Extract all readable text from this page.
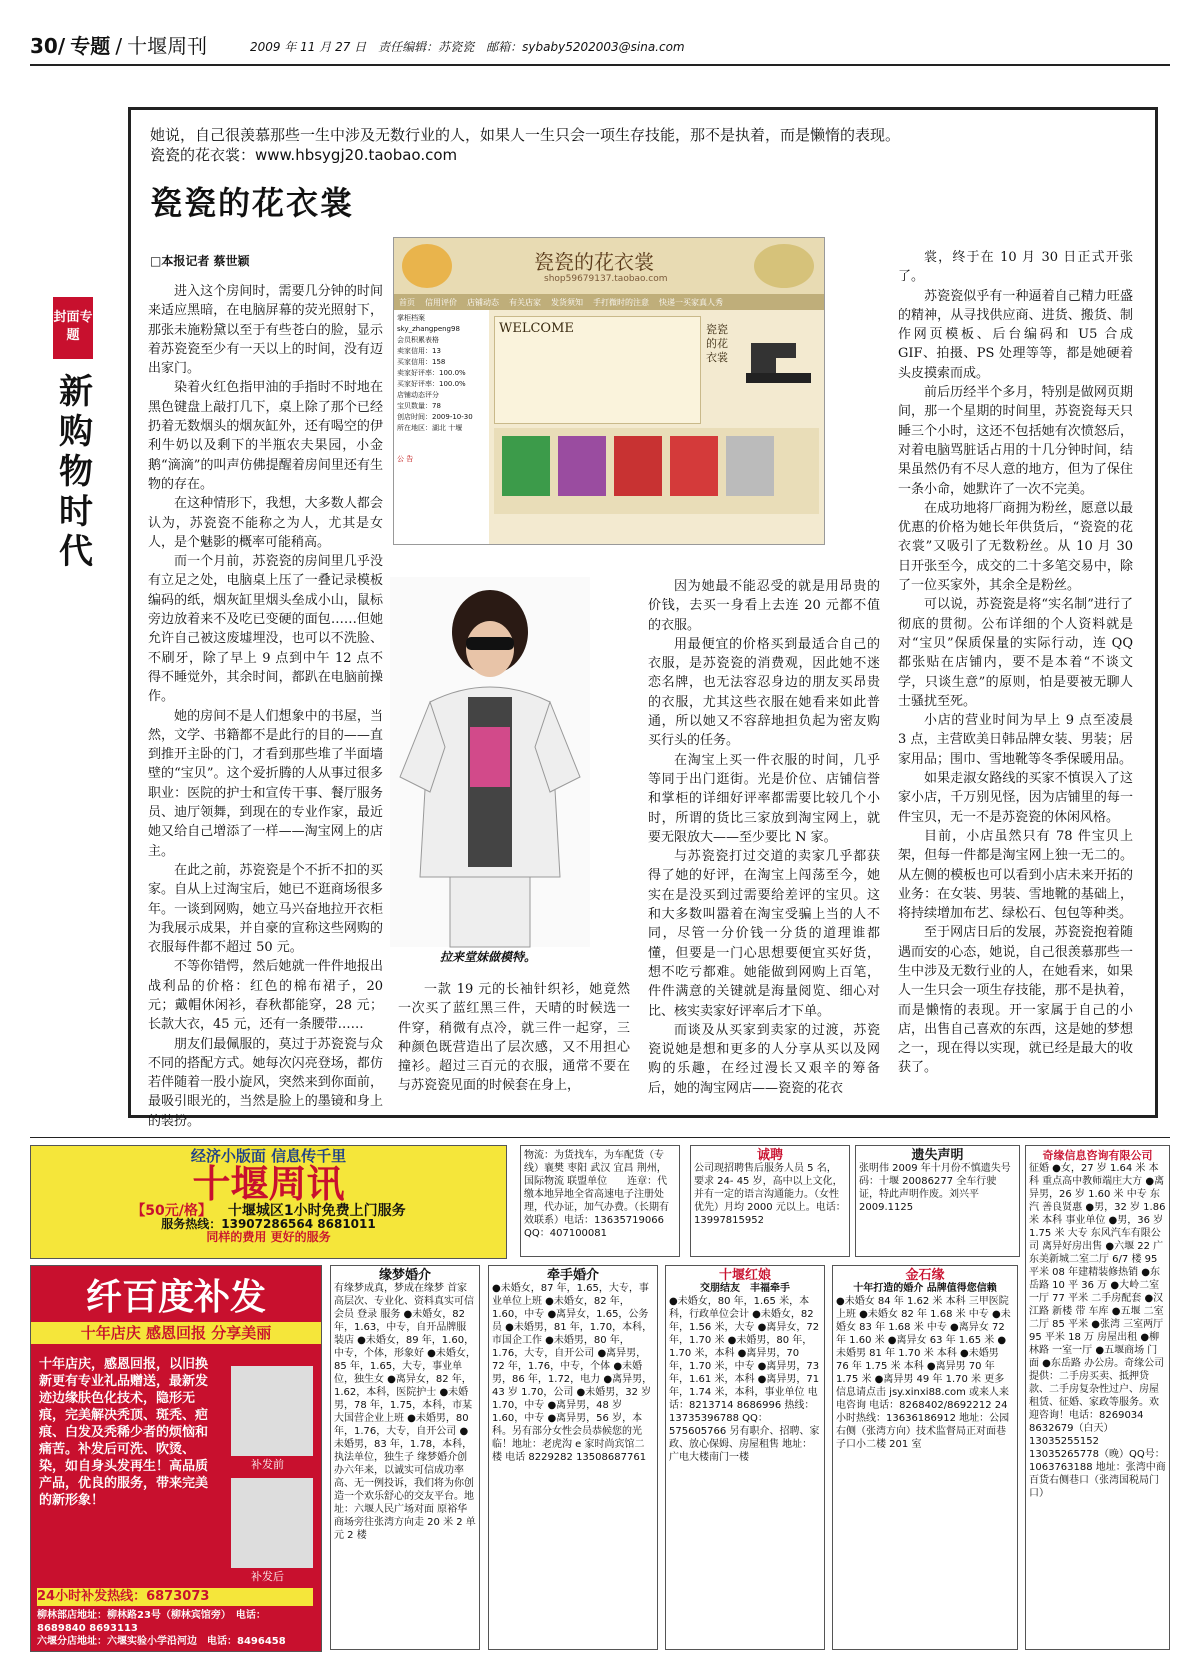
30/ 专题 / 十堰周刊	2009 年 11 月 27 日　责任编辑：苏瓷瓷　邮箱：sybaby5202003@sina.com
她说，自己很羡慕那些一生中涉及无数行业的人，如果人一生只会一项生存技能，那不是执着，而是懒惰的表现。
瓷瓷的花衣裳：www.hbsygj20.taobao.com
瓷瓷的花衣裳
□本报记者 蔡世颖
封面专题
新购物时代

进入这个房间时，需要几分钟的时间来适应黑暗，在电脑屏幕的荧光照射下，那张未施粉黛以至于有些苍白的脸，显示着苏瓷瓷至少有一天以上的时间，没有迈出家门。

染着火红色指甲油的手指时不时地在黑色键盘上敲打几下，桌上除了那个已经扔着无数烟头的烟灰缸外，还有喝空的伊利牛奶以及剩下的半瓶农夫果园，小金鹅“滴滴”的叫声仿佛提醒着房间里还有生物的存在。

在这种情形下，我想，大多数人都会认为，苏瓷瓷不能称之为人，尤其是女人，是个魅影的概率可能稍高。

而一个月前，苏瓷瓷的房间里几乎没有立足之处，电脑桌上压了一叠记录模板编码的纸，烟灰缸里烟头垒成小山，鼠标旁边放着来不及吃已变硬的面包……但她允许自己被这废墟埋没，也可以不洗脸、不刷牙，除了早上 9 点到中午 12 点不得不睡觉外，其余时间，都趴在电脑前操作。

她的房间不是人们想象中的书屋，当然，文学、书籍都不是此行的目的——直到推开主卧的门，才看到那些堆了半面墙壁的“宝贝”。这个爱折腾的人从事过很多职业：医院的护士和宣传干事、餐厅服务员、迪厅领舞，到现在的专业作家，最近她又给自己增添了一样——淘宝网上的店主。

在此之前，苏瓷瓷是个不折不扣的买家。自从上过淘宝后，她已不逛商场很多年。一谈到网购，她立马兴奋地拉开衣柜为我展示成果，并自豪的宣称这些网购的衣服每件都不超过 50 元。

不等你错愕，然后她就一件件地报出战利品的价格：红色的棉布裙子，20 元；戴帽休闲衫，春秋都能穿，28 元；长款大衣，45 元，还有一条腰带……

朋友们最佩服的，莫过于苏瓷瓷与众不同的搭配方式。她每次闪亮登场，都仿若伴随着一股小旋风，突然来到你面前，最吸引眼光的，当然是脸上的墨镜和身上的装扮。

一款 19 元的长袖针织衫，她竟然一次买了蓝红黑三件，天晴的时候选一件穿，稍微有点冷，就三件一起穿，三种颜色既营造出了层次感，又不用担心撞衫。超过三百元的衣服，通常不要在与苏瓷瓷见面的时候套在身上，

因为她最不能忍受的就是用昂贵的价钱，去买一身看上去连 20 元都不值的衣服。

用最便宜的价格买到最适合自己的衣服，是苏瓷瓷的消费观，因此她不迷恋名牌，也无法容忍身边的朋友买昂贵的衣服，尤其这些衣服在她看来如此普通，所以她又不容辞地担负起为密友购买行头的任务。

在淘宝上买一件衣服的时间，几乎等同于出门逛街。光是价位、店铺信誉和掌柜的详细好评率都需要比较几个小时，所谓的货比三家放到淘宝网上，就要无限放大——至少要比 N 家。

与苏瓷瓷打过交道的卖家几乎都获得了她的好评，在淘宝上闯荡至今，她实在是没买到过需要给差评的宝贝。这和大多数叫嚣着在淘宝受骗上当的人不同，尽管一分价钱一分货的道理谁都懂，但要是一门心思想要便宜买好货，想不吃亏都难。她能做到网购上百笔，件件满意的关键就是海量阅览、细心对比、核实卖家好评率后才下单。

而谈及从买家到卖家的过渡，苏瓷瓷说她是想和更多的人分享从买以及网购的乐趣，在经过漫长又艰辛的筹备后，她的淘宝网店——瓷瓷的花衣

裳，终于在 10 月 30 日正式开张了。

苏瓷瓷似乎有一种逼着自己精力旺盛的精神，从寻找供应商、进货、搬货、制作网页模板、后台编码和 U5 合成 GIF、拍摄、PS 处理等等，都是她硬着头皮摸索而成。

前后历经半个多月，特别是做网页期间，那一个星期的时间里，苏瓷瓷每天只睡三个小时，这还不包括她有次愤怒后，对着电脑骂脏话占用的十几分钟时间，结果虽然仍有不尽人意的地方，但为了保住一条小命，她默许了一次不完美。

在成功地将厂商拥为粉丝，愿意以最优惠的价格为她长年供货后，“瓷瓷的花衣裳”又吸引了无数粉丝。从 10 月 30 日开张至今，成交的二十多笔交易中，除了一位买家外，其余全是粉丝。

可以说，苏瓷瓷是将“实名制”进行了彻底的贯彻。公布详细的个人资料就是对“宝贝”保质保量的实际行动，连 QQ 都张贴在店铺内，要不是本着“不谈文学，只谈生意”的原则，怕是要被无聊人士骚扰至死。

小店的营业时间为早上 9 点至凌晨 3 点，主营欧美日韩品牌女装、男装；居家用品；围巾、雪地靴等冬季保暖用品。

如果走淑女路线的买家不慎误入了这家小店，千万别见怪，因为店铺里的每一件宝贝，无一不是苏瓷瓷的休闲风格。

目前，小店虽然只有 78 件宝贝上架，但每一件都是淘宝网上独一无二的。从左侧的模板也可以看到小店未来开拓的业务：在女装、男装、雪地靴的基础上，将持续增加布艺、绿松石、包包等种类。

至于网店日后的发展，苏瓷瓷抱着随遇而安的心态，她说，自己很羡慕那些一生中涉及无数行业的人，在她看来，如果人一生只会一项生存技能，那不是执着，而是懒惰的表现。开一家属于自己的小店，出售自己喜欢的东西，这是她的梦想之一，现在得以实现，就已经是最大的收获了。

瓷瓷的花衣裳
shop59679137.taobao.com
首页	信用评价	店铺动态	有关店家	发货须知	手打微时的注意	快递一买家真人秀
掌柜档案
sky_zhangpeng98
会员积累表格
卖家信用：13
买家信用：158
卖家好评率：100.0%
买家好评率：100.0%
店铺动态评分
宝贝数量：78
创店时间：2009-10-30
所在地区：湖北 十堰
公 告
WELCOME	瓷瓷的花衣裳
拉来堂妹做模特。
经济小版面 信息传千里
十堰周讯
【50元/格】 十堰城区1小时免费上门服务
服务热线：13907286564 8681011
同样的费用 更好的服务
物流：为货找车，为车配货（专线）襄樊 枣阳 武汉 宜昌 荆州，国际物流 联盟单位　　连章：代缴本地异地全省高速电子注册处理，代办证，加气办费。（长期有效联系）电话：13635719066　QQ：407100081
诚聘
公司现招聘售后服务人员 5 名，要求 24- 45 岁，高中以上文化，并有一定的语言沟通能力。（女性优先）月均 2000 元以上。电话：13997815952
遗失声明
张明伟 2009 年十月份不慎遗失号码：十堰 20086277 全车行驶证，特此声明作废。刘兴平　2009.1125
奇缘信息咨询有限公司
征婚 ●女，27 岁 1.64 米 本科 重点高中教师端庄大方 ●离异男，26 岁 1.60 米 中专 东汽 善良贤惠 ●男，32 岁 1.86 米 本科 事业单位 ●男，36 岁 1.75 米 大专 东风汽车有限公司 离异好房出售 ●六堰 22 广东美新城二室二厅 6/7 楼 95 平米 08 年建精装修热销 ●东岳路 10 平 36 万 ●大岭二室一厅 77 平米 二手房配套 ●汉江路 新楼 带 车库 ●五堰 二室二厅 85 平米 ●张湾 三室两厅 95 平米 18 万 房屋出租 ●柳林路 一室一厅 ●五堰商场 门面 ●东岳路 办公房。奇缘公司提供：二手房买卖、抵押贷款、二手房复杂性过户、房屋租赁、征婚、家政等服务。欢迎咨询！电话：8269034 8632679（白天）13035255152 13035265778（晚）QQ号：1063763188 地址：张湾中商百货右侧巷口（张湾国税局门口）
纤百度补发
十年店庆 感恩回报 分享美丽
十年店庆，感恩回报，以旧换新更有专业礼品赠送，最新发迹边缘肤色化技术，隐形无痕，完美解决秃顶、斑秃、疤痕、白发及秃稀少者的烦恼和痛苦。补发后可洗、吹烫、染，如自身头发再生！高品质产品，优良的服务，带来完美的新形象！
补发前
补发后
24小时补发热线：6873073
柳林部店地址：柳林路23号（柳林宾馆旁）　电话：8689840 8693113
六堰分店地址：六堰实验小学沿河边　电话：8496458
缘梦婚介
有缘梦成真，梦成在缘梦 首家高层次、专业化、资料真实可信会员 登录 服务 ●未婚女，82 年，1.63，中专，自开品牌服装店 ●未婚女，89 年，1.60，中专，个体，形象好 ●未婚女，85 年，1.65，大专，事业单位，独生女 ●离异女，82 年，1.62，本科，医院护士 ●未婚男，78 年，1.75，本科，市某大国营企业上班 ●未婚男，80 年，1.76，大专，自开公司 ●未婚男，83 年，1.78，本科，执法单位，独生子 缘梦婚介创办六年来，以诚实可信成功率高、无一例投诉，我们将为你创造一个欢乐舒心的交友平台。地址：六堰人民广场对面 原裕华商场旁往张湾方向走 20 米 2 单元 2 楼
牵手婚介
●未婚女，87 年，1.65，大专，事业单位上班 ●未婚女，82 年，1.60，中专 ●离异女，1.65，公务员 ●未婚男，81 年，1.70，本科，市国企工作 ●未婚男，80 年，1.76，大专，自开公司 ●离异男，72 年，1.76，中专，个体 ●未婚男，86 年，1.72，电力 ●离异男，43 岁 1.70，公司 ●未婚男，32 岁 1.70，中专 ●离异男，48 岁 1.60，中专 ●离异男，56 岁，本科。另有部分女性会员恭候您的光临！地址：老虎沟 e 家时尚宾馆二楼 电话 8229282 13508687761
十堰红娘
交朋结友　丰福牵手
●未婚女，80 年，1.65 米，本科，行政单位会计 ●未婚女，82 年，1.56 米，大专 ●离异女，72 年，1.70 米 ●未婚男，80 年，1.70 米，本科 ●离异男，70 年，1.70 米，中专 ●离异男，73 年，1.61 米，本科 ●离异男，71 年，1.74 米，本科，事业单位 电话：8213714 8686996 热线：13735396788 QQ：575605766 另有职介、招聘、家政、放心保姆、房屋租售 地址：广电大楼南门一楼
金石缘
十年打造的婚介 品牌值得您信赖
●未婚女 84 年 1.62 米 本科 三甲医院上班 ●未婚女 82 年 1.68 米 中专 ●未婚女 83 年 1.68 米 中专 ●离异女 72 年 1.60 米 ●离异女 63 年 1.65 米 ●未婚男 81 年 1.70 米 本科 ●未婚男 76 年 1.75 米 本科 ●离异男 70 年 1.75 米 ●离异男 49 年 1.70 米 更多信息请点击 jsy.xinxi88.com 或来人来电咨询 电话：8268402/8692212 24 小时热线：13636186912 地址：公园右侧（张湾方向）技术监督局正对面巷子口小二楼 201 室
